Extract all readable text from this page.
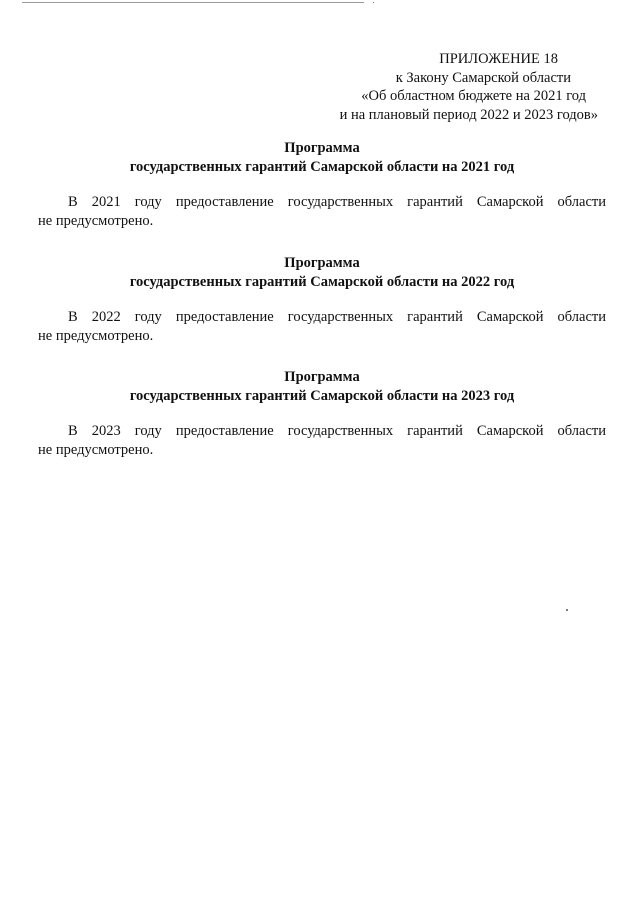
ПРИЛОЖЕНИЕ 18
к Закону Самарской области
«Об областном бюджете на 2021 год
и на плановый период 2022 и 2023 годов»
Программа
государственных гарантий Самарской области на 2021 год
В 2021 году предоставление государственных гарантий Самарской области
не предусмотрено.
Программа
государственных гарантий Самарской области на 2022 год
В 2022 году предоставление государственных гарантий Самарской области
не предусмотрено.
Программа
государственных гарантий Самарской области на 2023 год
В 2023 году предоставление государственных гарантий Самарской области
не предусмотрено.
